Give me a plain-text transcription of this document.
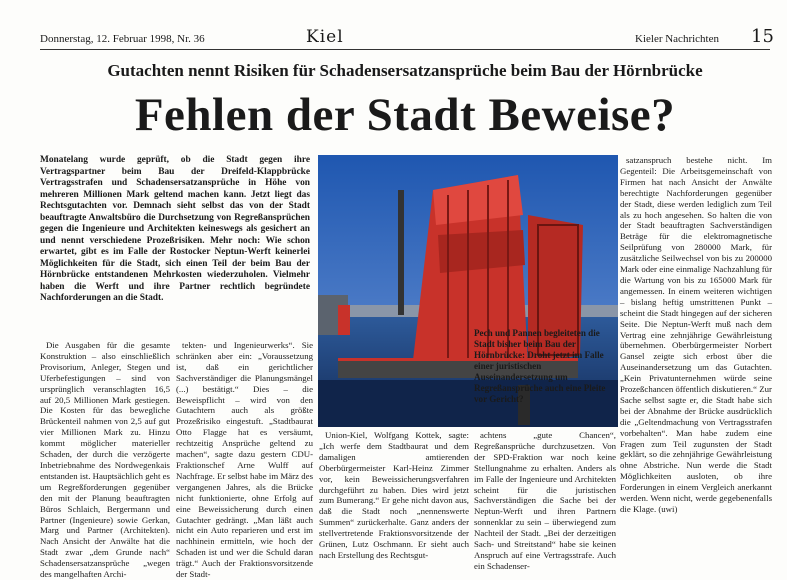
Donnerstag, 12. Februar 1998, Nr. 36	Kiel	Kieler Nachrichten 15
Gutachten nennt Risiken für Schadensersatzansprüche beim Bau der Hörnbrücke
Fehlen der Stadt Beweise?
Monatelang wurde geprüft, ob die Stadt gegen ihre Vertragspartner beim Bau der Dreifeld-Klappbrücke Vertragsstrafen und Schadensersatzansprüche in Höhe von mehreren Millionen Mark geltend machen kann. Jetzt liegt das Rechtsgutachten vor. Demnach sieht selbst das von der Stadt beauftragte Anwaltsbüro die Durchsetzung von Regreßansprüchen gegen die Ingenieure und Architekten keineswegs als gesichert an und nennt verschiedene Prozeßrisiken. Mehr noch: Wie schon erwartet, gibt es im Falle der Rostocker Neptun-Werft keinerlei Möglichkeiten für die Stadt, sich einen Teil der beim Bau der Hörnbrücke entstandenen Mehrkosten wiederzuholen. Vielmehr haben die Werft und ihre Partner rechtlich begründete Nachforderungen an die Stadt.
Pech und Pannen begleiteten die Stadt bisher beim Bau der Hörnbrücke: Droht jetzt im Falle einer juristischen Auseinandersetzung um Regreßansprüche auch eine Pleite vor Gericht?

Die Ausgaben für die gesamte Konstruktion – also einschließlich Provisorium, Anleger, Stegen und Uferbefestigungen – sind von ursprünglich veranschlagten 16,5 auf 20,5 Millionen Mark gestiegen. Die Kosten für das bewegliche Brückenteil nahmen von 2,5 auf gut vier Millionen Mark zu. Hinzu kommt möglicher materieller Schaden, der durch die verzögerte Inbetriebnahme des Nordwegenkais entstanden ist. Hauptsächlich geht es um Regreßforderungen gegenüber den mit der Planung beauftragten Büros Schlaich, Bergermann und Partner (Ingenieure) sowie Gerkan, Marg und Partner (Architekten). Nach Ansicht der Anwälte hat die Stadt zwar „dem Grunde nach“ Schadensersatzansprüche „wegen des mangelhaften Archi-

tekten- und Ingenieurwerks“. Sie schränken aber ein: „Voraussetzung ist, daß ein gerichtlicher Sachverständiger die Planungsmängel (...) bestätigt.“ Dies – die Beweispflicht – wird von den Gutachtern auch als größte Prozeßrisiko eingestuft. „Stadtbaurat Otto Flagge hat es versäumt, rechtzeitig Ansprüche geltend zu machen“, sagte dazu gestern CDU-Fraktionschef Arne Wulff auf Nachfrage. Er selbst habe im März des vergangenen Jahres, als die Brücke nicht funktionierte, ohne Erfolg auf eine Beweissicherung durch einen Gutachter gedrängt. „Man läßt auch nicht ein Auto reparieren und erst im nachhinein ermitteln, wie hoch der Schaden ist und wer die Schuld daran trägt.“ Auch der Fraktionsvorsitzende der Stadt-

Union-Kiel, Wolfgang Kottek, sagte: „Ich werfe dem Stadtbaurat und dem damaligen amtierenden Oberbürgermeister Karl-Heinz Zimmer vor, kein Beweissicherungsverfahren durchgeführt zu haben. Dies wird jetzt zum Bumerang.“ Er gehe nicht davon aus, daß die Stadt noch „nennenswerte Summen“ zurückerhalte. Ganz anders der stellvertretende Fraktionsvorsitzende der Grünen, Lutz Oschmann. Er sieht auch nach Erstellung des Rechtsgut-

achtens „gute Chancen“, Regreßansprüche durchzusetzen. Von der SPD-Fraktion war noch keine Stellungnahme zu erhalten. Anders als im Falle der Ingenieure und Architekten scheint für die juristischen Sachverständigen die Sache bei der Neptun-Werft und ihren Partnern sonnenklar zu sein – überwiegend zum Nachteil der Stadt. „Bei der derzeitigen Sach- und Streitstand“ habe sie keinen Anspruch auf eine Vertragsstrafe. Auch ein Schadenser-

satzanspruch bestehe nicht. Im Gegenteil: Die Arbeitsgemeinschaft von Firmen hat nach Ansicht der Anwälte berechtigte Nachforderungen gegenüber der Stadt, diese werden lediglich zum Teil als zu hoch angesehen. So halten die von der Stadt beauftragten Sachverständigen Beträge für die elektromagnetische Seilprüfung von 280000 Mark, für zusätzliche Seilwechsel von bis zu 200000 Mark oder eine einmalige Nachzahlung für die Wartung von bis zu 165000 Mark für angemessen. In einem weiteren wichtigen – bislang heftig umstrittenen Punkt – scheint die Stadt hingegen auf der sicheren Seite. Die Neptun-Werft muß nach dem Vertrag eine zehnjährige Gewährleistung übernehmen. Oberbürgermeister Norbert Gansel zeigte sich erbost über die Auseinandersetzung um das Gutachten. „Kein Privatunternehmen würde seine Prozeßchancen öffentlich diskutieren.“ Zur Sache selbst sagte er, die Stadt habe sich bei der Abnahme der Brücke ausdrücklich die „Geltendmachung von Vertragsstrafen vorbehalten“. Man habe zudem eine Fragen zum Teil zugunsten der Stadt geklärt, so die zehnjährige Gewährleistung ohne Abstriche. Nun werde die Stadt Möglichkeiten ausloten, ob ihre Forderungen in einem Vergleich anerkannt werden. Wenn nicht, werde gegebenenfalls die Klage. (uwi)
